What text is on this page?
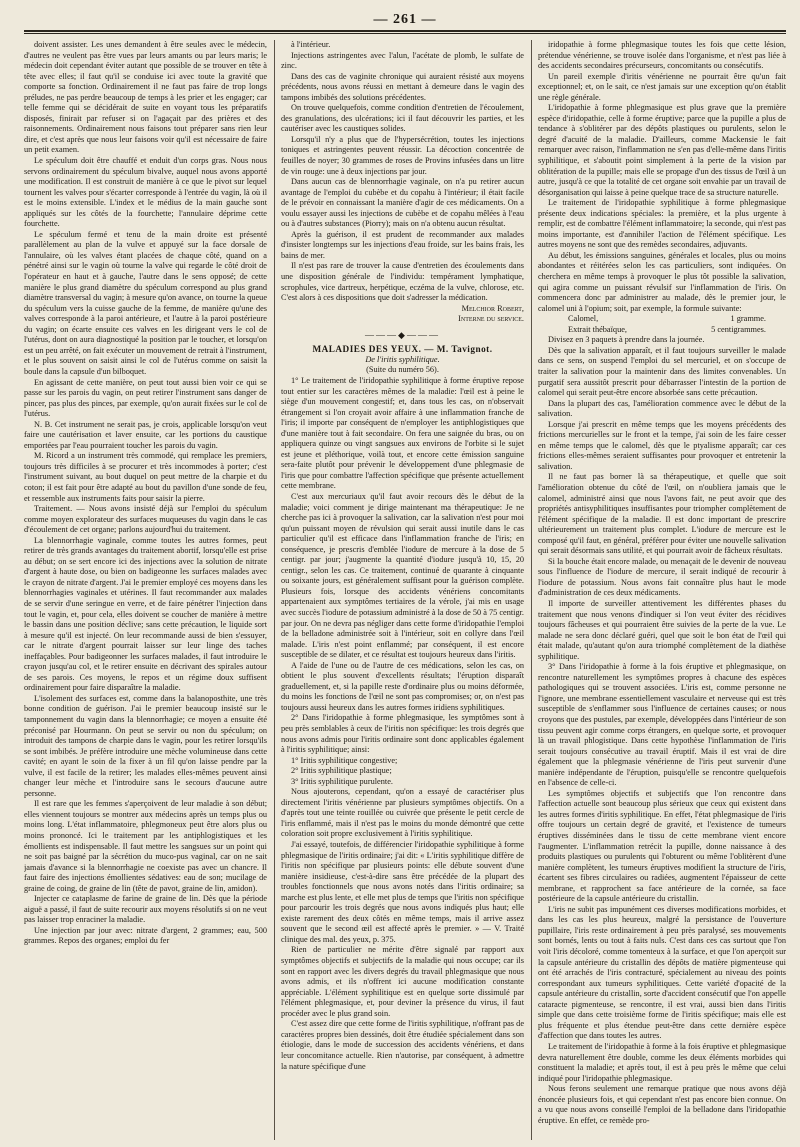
— 261 —

doivent assister. Les unes demandent à être seules avec le médecin, d'autres ne veulent pas être vues par leurs amants ou par leurs maris; le médecin doit cependant éviter autant que possible de se trouver en tête à tête avec elles; il faut qu'il se conduise ici avec toute la gravité que comporte sa fonction. Ordinairement il ne faut pas faire de trop longs préludes, ne pas perdre beaucoup de temps à les prier et les engager; car telle femme qui se décidérait de suite en voyant tous les préparatifs disposés, finirait par refuser si on l'agaçait par des prières et des raisonnements. Ordinairement nous faisons tout préparer sans rien leur dire, et c'est après que nous leur faisons voir qu'il est nécessaire de faire un petit examen.

Le spéculum doit être chauffé et enduit d'un corps gras. Nous nous servons ordinairement du spéculum bivalve, auquel nous avons apporté une modification. Il est construit de manière à ce que le pivot sur lequel tournent les valves pour s'écarter corresponde à l'entrée du vagin, là où il est le moins extensible. L'index et le médius de la main gauche sont appliqués sur les côtés de la fourchette; l'annulaire déprime cette fourchette.

Le spéculum fermé et tenu de la main droite est présenté parallèlement au plan de la vulve et appuyé sur la face dorsale de l'annulaire, où les valves étant placées de chaque côté, quand on a pénétré ainsi sur le vagin où tourne la valve qui regarde le côté droit de l'opérateur en haut et à gauche, l'autre dans le sens opposé; de cette manière le plus grand diamètre du spéculum correspond au plus grand diamètre transversal du vagin; à mesure qu'on avance, on tourne la queue du spéculum vers la cuisse gauche de la femme, de manière qu'une des valves corresponde à la paroi antérieure, et l'autre à la paroi postérieure du vagin; on écarte ensuite ces valves en les dirigeant vers le col de l'utérus, dont on aura diagnostiqué la position par le toucher, et lorsqu'on est un peu arrêté, on fait exécuter un mouvement de retrait à l'instrument, et le plus souvent on saisit ainsi le col de l'utérus comme on saisit la boule dans la capsule d'un bilboquet.

En agissant de cette manière, on peut tout aussi bien voir ce qui se passe sur les parois du vagin, on peut retirer l'instrument sans danger de pincer, pas plus des pinces, par exemple, qu'on aurait fixées sur le col de l'utérus.

N. B. Cet instrument ne serait pas, je crois, applicable lorsqu'on veut faire une cautérisation et laver ensuite, car les portions du caustique emportées par l'eau pourraient toucher les parois du vagin.

M. Ricord a un instrument très commodé, qui remplace les premiers, toujours très difficiles à se procurer et très incommodes à porter; c'est l'instrument suivant, au bout duquel on peut mettre de la charpie et du coton; il est fait pour être adapté au bout du pavillon d'une sonde de feu, et ressemble aux instruments faits pour saisir la pierre.

Traitement. — Nous avons insisté déjà sur l'emploi du spéculum comme moyen explorateur des surfaces muqueuses du vagin dans le cas d'écoulement de cet organe; parlons aujourd'hui du traitement.

La blennorrhagie vaginale, comme toutes les autres formes, peut retirer de très grands avantages du traitement abortif, lorsqu'elle est prise au début; on se sert encore ici des injections avec la solution de nitrate d'argent à haute dose, ou bien on badigeonne les surfaces malades avec le crayon de nitrate d'argent. J'ai le premier employé ces moyens dans les blennorrhagies vaginales et utérines. Il faut recommander aux malades de se servir d'une seringue en verre, et de faire pénétrer l'injection dans tout le vagin, et, pour cela, elles doivent se coucher de manière à mettre le bassin dans une position déclive; sans cette précaution, le liquide sort à mesure qu'il est injecté. On leur recommande aussi de bien s'essuyer, car le nitrate d'argent pourrait laisser sur leur linge des taches ineffaçables. Pour badigeonner les surfaces malades, il faut introduire le crayon jusqu'au col, et le retirer ensuite en décrivant des spirales autour de ses parois. Ces moyens, le repos et un régime doux suffisent ordinairement pour faire disparaître la maladie.

L'isolement des surfaces est, comme dans la balanoposthite, une très bonne condition de guérison. J'ai le premier beaucoup insisté sur le tamponnement du vagin dans la blennorrhagie; ce moyen a ensuite été préconisé par Hourmann. On peut se servir ou non du spéculum; on introduit des tampons de charpie dans le vagin, pour les retirer lorsqu'ils se sont imbibés. Je préfère introduire une mèche volumineuse dans cette cavité; en ayant le soin de la fixer à un fil qu'on laisse pendre par la vulve, il est facile de la retirer; les malades elles-mêmes peuvent ainsi changer leur mèche et l'introduire sans le secours d'aucune autre personne.

Il est rare que les femmes s'aperçoivent de leur maladie à son début; elles viennent toujours se montrer aux médecins après un temps plus ou moins long. L'état inflammatoire, phlegmoneux peut être alors plus ou moins prononcé. Ici le traitement par les antiphlogistiques et les émollients est indispensable. Il faut mettre les sangsues sur un point qui ne soit pas baigné par la sécrétion du muco-pus vaginal, car on ne sait jamais d'avance si la blennorrhagie ne coexiste pas avec un chancre. Il faut faire des injections émollientes sédatives: eau de son; mucilage de graine de coing, de graine de lin (tête de pavot, graine de lin, amidon).

Injecter ce cataplasme de farine de graine de lin. Dès que la période aiguë a passé, il faut de suite recourir aux moyens résolutifs si on ne veut pas laisser trop enraciner la maladie.

Une injection par jour avec: nitrate d'argent, 2 grammes; eau, 500 grammes. Repos des organes; emploi du fer

à l'intérieur.

Injections astringentes avec l'alun, l'acétate de plomb, le sulfate de zinc.

Dans des cas de vaginite chronique qui auraient résisté aux moyens précédents, nous avons réussi en mettant à demeure dans le vagin des tampons imbibés des solutions précédentes.

On trouve quelquefois, comme condition d'entretien de l'écoulement, des granulations, des ulcérations; ici il faut découvrir les parties, et les cautériser avec les caustiques solides.

Lorsqu'il n'y a plus que de l'hypersécrétion, toutes les injections toniques et astringentes peuvent réussir. La décoction concentrée de feuilles de noyer; 30 grammes de roses de Provins infusées dans un litre de vin rouge: une à deux injections par jour.

Dans aucun cas de blennorrhagie vaginale, on n'a pu retirer aucun avantage de l'emploi du cubèbe et du copahu à l'intérieur; il était facile de le prévoir en connaissant la manière d'agir de ces médicaments. On a voulu essayer aussi les injections de cubèbe et de copahu mêlées à l'eau ou à d'autres substances (Piorry); mais on n'a obtenu aucun résultat.

Après la guérison, il est prudent de recommander aux malades d'insister longtemps sur les injections d'eau froide, sur les bains frais, les bains de mer.

Il n'est pas rare de trouver la cause d'entretien des écoulements dans une disposition générale de l'individu: tempérament lymphatique, scrophules, vice dartreux, herpétique, eczéma de la vulve, chlorose, etc. C'est alors à ces dispositions que doit s'adresser la médication.

Melchior Robert,

Interne du service.

———◆———

MALADIES DES YEUX. — M. Tavignot.

De l'iritis syphilitique.

(Suite du numéro 56).

1° Le traitement de l'iridopathie syphilitique à forme éruptive repose tout entier sur les caractères mêmes de la maladie: l'œil est à peine le siège d'un mouvement congestif; et, dans tous les cas, on n'observait étrangement si l'on croyait avoir affaire à une inflammation franche de l'iris; il importe par conséquent de n'employer les antiphlogistiques que d'une manière tout à fait secondaire. On fera une saignée du bras, ou on appliquera quinze ou vingt sangsues aux environs de l'orbite si le sujet est jeune et pléthorique, voilà tout, et encore cette émission sanguine sera-faite plutôt pour prévenir le développement d'une phlegmasie de l'iris que pour combattre l'affection spécifique que présente actuellement cette membrane.

C'est aux mercuriaux qu'il faut avoir recours dès le début de la maladie; voici comment je dirige maintenant ma thérapeutique: Je ne cherche pas ici à provoquer la salivation, car la salivation n'est pour moi qu'un puissant moyen de révulsion qui serait aussi inutile dans le cas particulier qu'il est efficace dans l'inflammation franche de l'iris; en conséquence, je prescris d'emblée l'iodure de mercure à la dose de 5 centigr. par jour; j'augmente la quantité d'iodure jusqu'à 10, 15, 20 centigr., selon les cas. Ce traitement, continué de quarante à cinquante ou soixante jours, est généralement suffisant pour la guérison complète. Plusieurs fois, lorsque des accidents vénériens concomitants appartenaient aux symptômes tertiaires de la vérole, j'ai mis en usage avec succès l'iodure de potassium administré à la dose de 50 à 75 centigr. par jour. On ne devra pas négliger dans cette forme d'iridopathie l'emploi de la belladone administrée soit à l'intérieur, soit en collyre dans l'œil malade. L'iris n'est point enflammé; par conséquent, il est encore susceptible de se dilater, et ce résultat est toujours heureux dans l'iritis.

A l'aide de l'une ou de l'autre de ces médications, selon les cas, on obtient le plus souvent d'excellents résultats; l'éruption disparaît graduellement, et, si la papille reste d'ordinaire plus ou moins déformée, du moins les fonctions de l'œil ne sont pas compromises; or, on n'est pas toujours aussi heureux dans les autres formes iridiens syphilitiques.

2° Dans l'iridopathie à forme phlegmasique, les symptômes sont à peu près semblables à ceux de l'iritis non spécifique: les trois degrés que nous avons admis pour l'iritis ordinaire sont donc applicables également à l'iritis syphilitique; ainsi:

1° Iritis syphilitique congestive;

2° Iritis syphilitique plastique;

3° Iritis syphilitique purulente.

Nous ajouterons, cependant, qu'on a essayé de caractériser plus directement l'iritis vénérienne par plusieurs symptômes objectifs. On a d'après tout une teinte rouillée ou cuivrée que présente le petit cercle de l'iris enflammé, mais il n'est pas le moins du monde démontré que cette coloration soit propre exclusivement à l'iritis syphilitique.

J'ai essayé, toutefois, de différencier l'iridopathie syphilitique à forme phlegmasique de l'iritis ordinaire; j'ai dit: « L'iritis syphilitique diffère de l'iritis non spécifique par plusieurs points: elle débute souvent d'une manière insidieuse, c'est-à-dire sans être précédée de la plupart des troubles fonctionnels que nous avons notés dans l'iritis ordinaire; sa marche est plus lente, et elle met plus de temps que l'iritis non spécifique pour parcourir les trois degrés que nous avons indiqués plus haut; elle existe rarement des deux côtés en même temps, mais il arrive assez souvent que le second œil est affecté après le premier. » — V. Traité clinique des mal. des yeux, p. 375.

Rien de particulier ne mérite d'être signalé par rapport aux symptômes objectifs et subjectifs de la maladie qui nous occupe; car ils sont en rapport avec les divers degrés du travail phlegmasique que nous avons admis, et ils n'offrent ici aucune modification constante appréciable. L'élément syphilitique est en quelque sorte dissimulé par l'élément phlegmasique, et, pour deviner la présence du virus, il faut procéder avec le plus grand soin.

C'est assez dire que cette forme de l'iritis syphilitique, n'offrant pas de caractères propres bien dessinés, doit être étudiée spécialement dans son étiologie, dans le mode de succession des accidents vénériens, et dans leur concomitance actuelle. Rien n'autorise, par conséquent, à admettre la nature spécifique d'une

iridopathie à forme phlegmasique toutes les fois que cette lésion, prétendue vénérienne, se trouve isolée dans l'organisme, et n'est pas liée à des accidents secondaires précurseurs, concomitants ou consécutifs.

Un pareil exemple d'iritis vénérienne ne pourrait être qu'un fait exceptionnel; et, on le sait, ce n'est jamais sur une exception qu'on établit une règle générale.

L'iridopathie à forme phlegmasique est plus grave que la première espèce d'iridopathie, celle à forme éruptive; parce que la pupille a plus de tendance à s'oblitérer par des dépôts plastiques ou purulents, selon le degré d'acuité de la maladie. D'ailleurs, comme Mackensie le fait remarquer avec raison, l'inflammation ne s'en pas d'elle-même dans l'iritis syphilitique, et s'aboutit point simplement à la perte de la vision par oblitération de la pupille; mais elle se propage d'un des tissus de l'œil à un autre, jusqu'à ce que la totalité de cet organe soit envahie par un travail de désorganisation qui laisse à peine quelque trace de sa structure naturelle.

Le traitement de l'iridopathie syphilitique à forme phlegmasique présente deux indications spéciales: la première, et la plus urgente à remplir, est de combattre l'élément inflammatoire; la seconde, qui n'est pas moins importante, est d'annihiler l'action de l'élément spécifique. Les autres moyens ne sont que des remèdes secondaires, adjuvants.

Au début, les émissions sanguines, générales et locales, plus ou moins abondantes et réitérées selon les cas particuliers, sont indiquées. On cherchera en même temps à provoquer le plus tôt possible la salivation, qui agira comme un puissant révulsif sur l'inflammation de l'iris. On commencera donc par administrer au malade, dès le premier jour, le calomel uni à l'opium; soit, par exemple, la formule suivante:

Calomel,	1 gramme.
Extrait thébaïque,	5 centigrammes.

Divisez en 3 paquets à prendre dans la journée.

Dès que la salivation apparaît, et il faut toujours surveiller le malade dans ce sens, on suspend l'emploi du sel mercuriel, et on s'occupe de traiter la salivation pour la maintenir dans des limites convenables. Un purgatif sera aussitôt prescrit pour débarrasser l'intestin de la portion de calomel qui serait peut-être encore absorbée sans cette précaution.

Dans la plupart des cas, l'amélioration commence avec le début de la salivation.

Lorsque j'ai prescrit en même temps que les moyens précédents des frictions mercurielles sur le front et la tempe, j'ai soin de les faire cesser en même temps que le calomel, dès que le ptyalisme apparaît; car ces frictions elles-mêmes seraient suffisantes pour provoquer et entretenir la salivation.

Il ne faut pas borner là sa thérapeutique, et quelle que soit l'amélioration obtenue du côté de l'œil, on n'oubliera jamais que le calomel, administré ainsi que nous l'avons fait, ne peut avoir que des propriétés antisyphilitiques insuffisantes pour triompher complètement de l'élément spécifique de la maladie. Il est donc important de prescrire ultérieurement un traitement plus complet. L'iodure de mercure est le composé qu'il faut, en général, préférer pour éviter une nouvelle salivation qui serait désormais sans utilité, et qui pourrait avoir de fâcheux résultats.

Si la bouche était encore malade, ou menaçait de le devenir de nouveau sous l'influence de l'iodure de mercure, il serait indiqué de recourir à l'iodure de potassium. Nous avons fait connaître plus haut le mode d'administration de ces deux médicaments.

Il importe de surveiller attentivement les différentes phases du traitement que nous venons d'indiquer si l'on veut éviter des récidives toujours fâcheuses et qui pourraient être suivies de la perte de la vue. Le malade ne sera donc déclaré guéri, quel que soit le bon état de l'œil qui était malade, qu'autant qu'on aura triomphé complètement de la diathèse syphilitique.

3° Dans l'iridopathie à forme à la fois éruptive et phlegmasique, on rencontre naturellement les symptômes propres à chacune des espèces pathologiques qui se trouvent associées. L'iris est, comme personne ne l'ignore, une membrane essentiellement vasculaire et nerveuse qui est très susceptible de s'enflammer sous l'influence de certaines causes; or nous croyons que des pustules, par exemple, développées dans l'intérieur de son tissu peuvent agir comme corps étrangers, en quelque sorte, et provoquer là un travail phlogistique. Dans cette hypothèse l'inflammation de l'iris serait toujours consécutive au travail éruptif. Mais il est vrai de dire également que la phlegmasie vénérienne de l'iris peut survenir d'une manière indépendante de l'éruption, puisqu'elle se rencontre quelquefois en l'absence de celle-ci.

Les symptômes objectifs et subjectifs que l'on rencontre dans l'affection actuelle sont beaucoup plus sérieux que ceux qui existent dans les autres formes d'iritis syphilitique. En effet, l'état phlegmasique de l'iris offre toujours un certain degré de gravité, et l'existence de tumeurs éruptives disséminées dans le tissu de cette membrane vient encore l'augmenter. L'inflammation retrécit la pupille, donne naissance à des produits plastiques ou purulents qui l'obturent ou même l'oblitèrent d'une manière complètent, les tumeurs éruptives modifient la structure de l'iris, écartent ses fibres circulaires ou radiées, augmentent l'épaisseur de cette membrane, et rapprochent sa face antérieure de la cornée, sa face postérieure de la capsule antérieure du cristallin.

L'iris ne subit pas impunément ces diverses modifications morbides, et dans les cas les plus heureux, malgré la persistance de l'ouverture pupillaire, l'iris reste ordinairement à peu près paralysé, ses mouvements sont bornés, lents ou tout à faits nuls. C'est dans ces cas surtout que l'on voit l'iris décoloré, comme tomenteux à la surface, et que l'on aperçoit sur la capsule antérieure du cristallin des dépôts de matière pigmenteuse qui ont été arrachés de l'iris contracturé, spécialement au niveau des points correspondant aux tumeurs syphilitiques. Cette variété d'opacité de la capsule antérieure du cristallin, sorte d'accident consécutif que l'on appelle cataracte pigmenteuse, se rencontre, il est vrai, aussi bien dans l'iritis simple que dans cette troisième forme de l'iritis spécifique; mais elle est plus fréquente et plus étendue peut-être dans cette dernière espèce d'affection que dans toutes les autres.

Le traitement de l'iridopathie à forme à la fois éruptive et phlegmasique devra naturellement être double, comme les deux éléments morbides qui constituent la maladie; et après tout, il est à peu près le même que celui indiqué pour l'iridopathie phlegmasique.

Nous ferons seulement une remarque pratique que nous avons déjà énoncée plusieurs fois, et qui cependant n'est pas encore bien connue. On a vu que nous avons conseillé l'emploi de la belladone dans l'iridopathie éruptive. En effet, ce remède pro-
